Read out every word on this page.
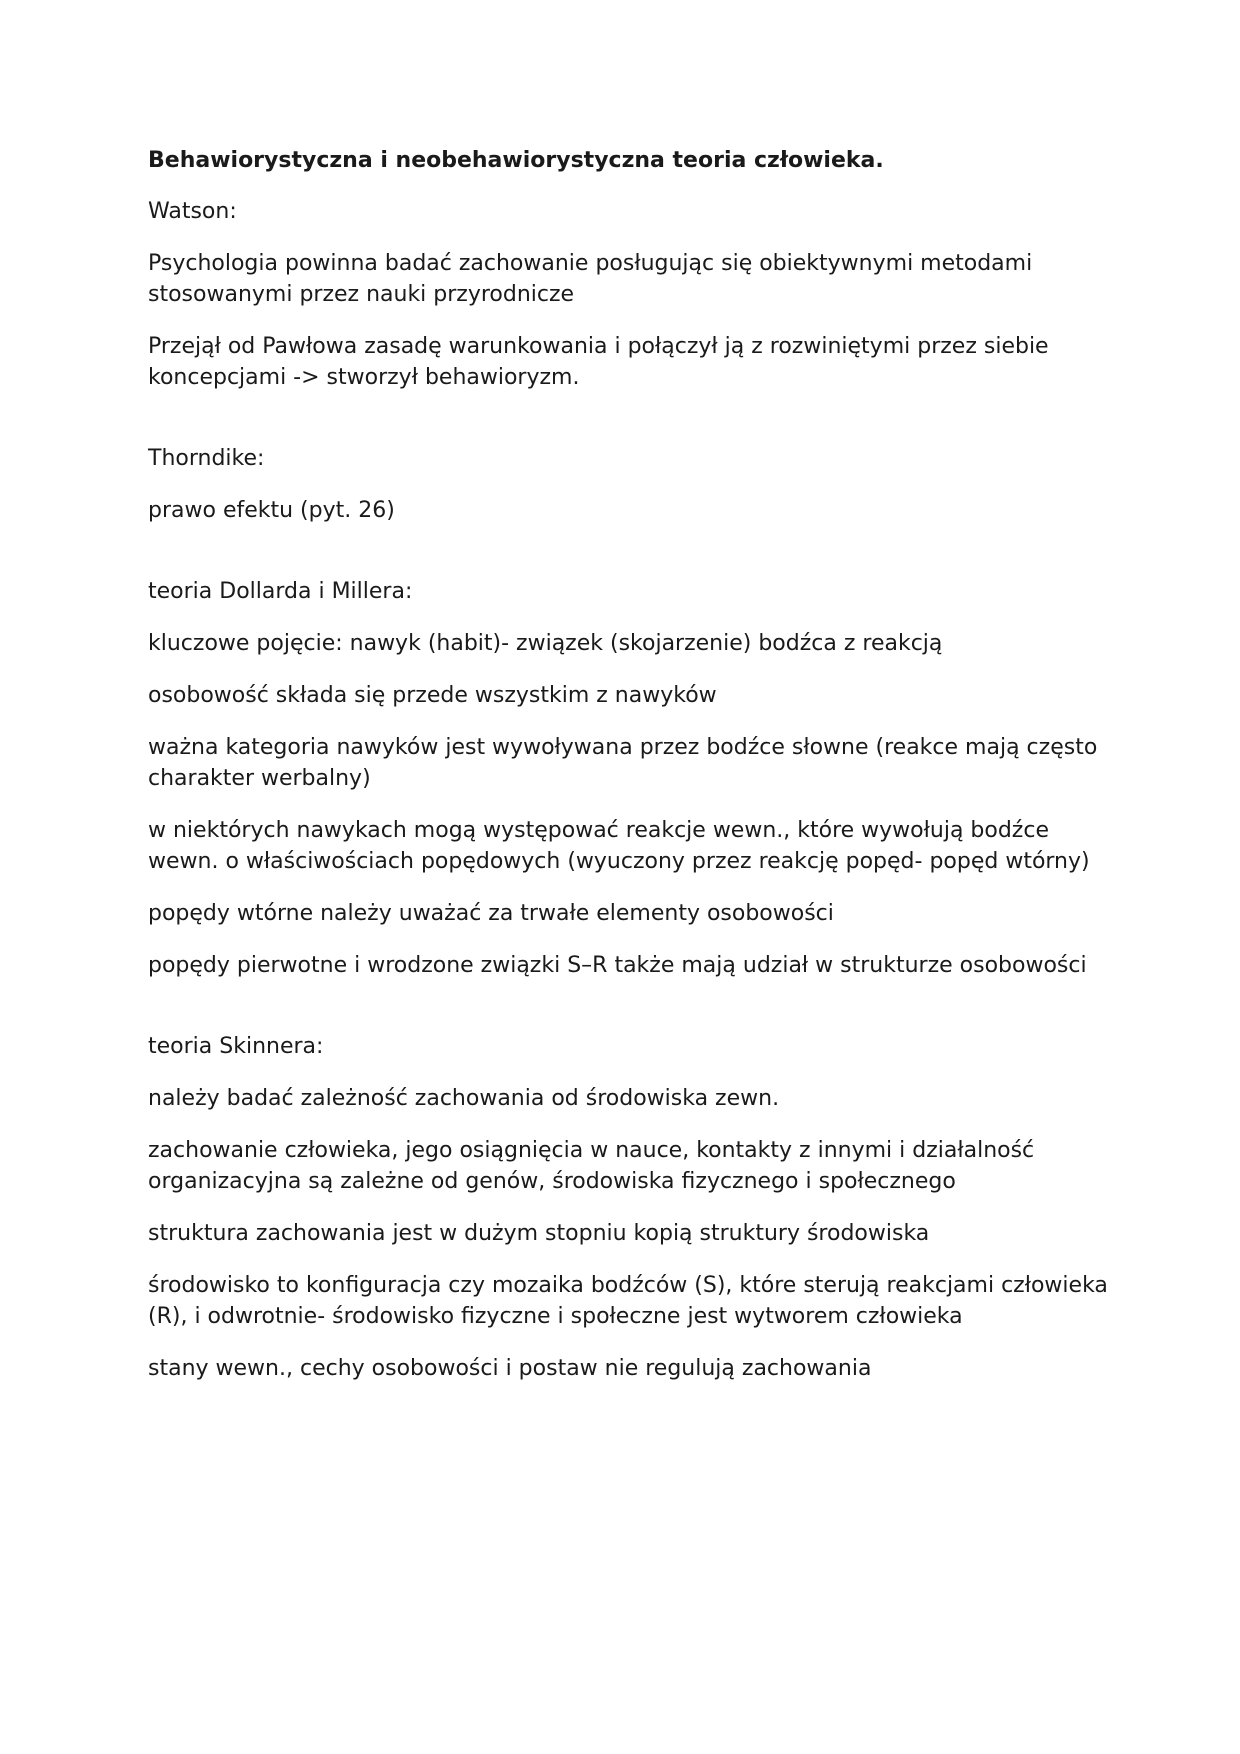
Behawiorystyczna i neobehawiorystyczna teoria człowieka.

Watson:

Psychologia powinna badać zachowanie posługując się obiektywnymi metodami stosowanymi przez nauki przyrodnicze

Przejął od Pawłowa zasadę warunkowania i połączył ją z rozwiniętymi przez siebie koncepcjami -> stworzył behawioryzm.

Thorndike:

prawo efektu (pyt. 26)

teoria Dollarda i Millera:

kluczowe pojęcie: nawyk (habit)- związek (skojarzenie) bodźca z reakcją

osobowość składa się przede wszystkim z nawyków

ważna kategoria nawyków jest wywoływana przez bodźce słowne (reakce mają często charakter werbalny)

w niektórych nawykach mogą występować reakcje wewn., które wywołują bodźce wewn. o właściwościach popędowych (wyuczony przez reakcję popęd- popęd wtórny)

popędy wtórne należy uważać za trwałe elementy osobowości

popędy pierwotne i wrodzone związki S–R także mają udział w strukturze osobowości

teoria Skinnera:

należy badać zależność zachowania od środowiska zewn.

zachowanie człowieka, jego osiągnięcia w nauce, kontakty z innymi i działalność organizacyjna są zależne od genów, środowiska fizycznego i społecznego

struktura zachowania jest w dużym stopniu kopią struktury środowiska

środowisko to konfiguracja czy mozaika bodźców (S), które sterują reakcjami człowieka (R), i odwrotnie- środowisko fizyczne i społeczne jest wytworem człowieka

stany wewn., cechy osobowości i postaw nie regulują zachowania
